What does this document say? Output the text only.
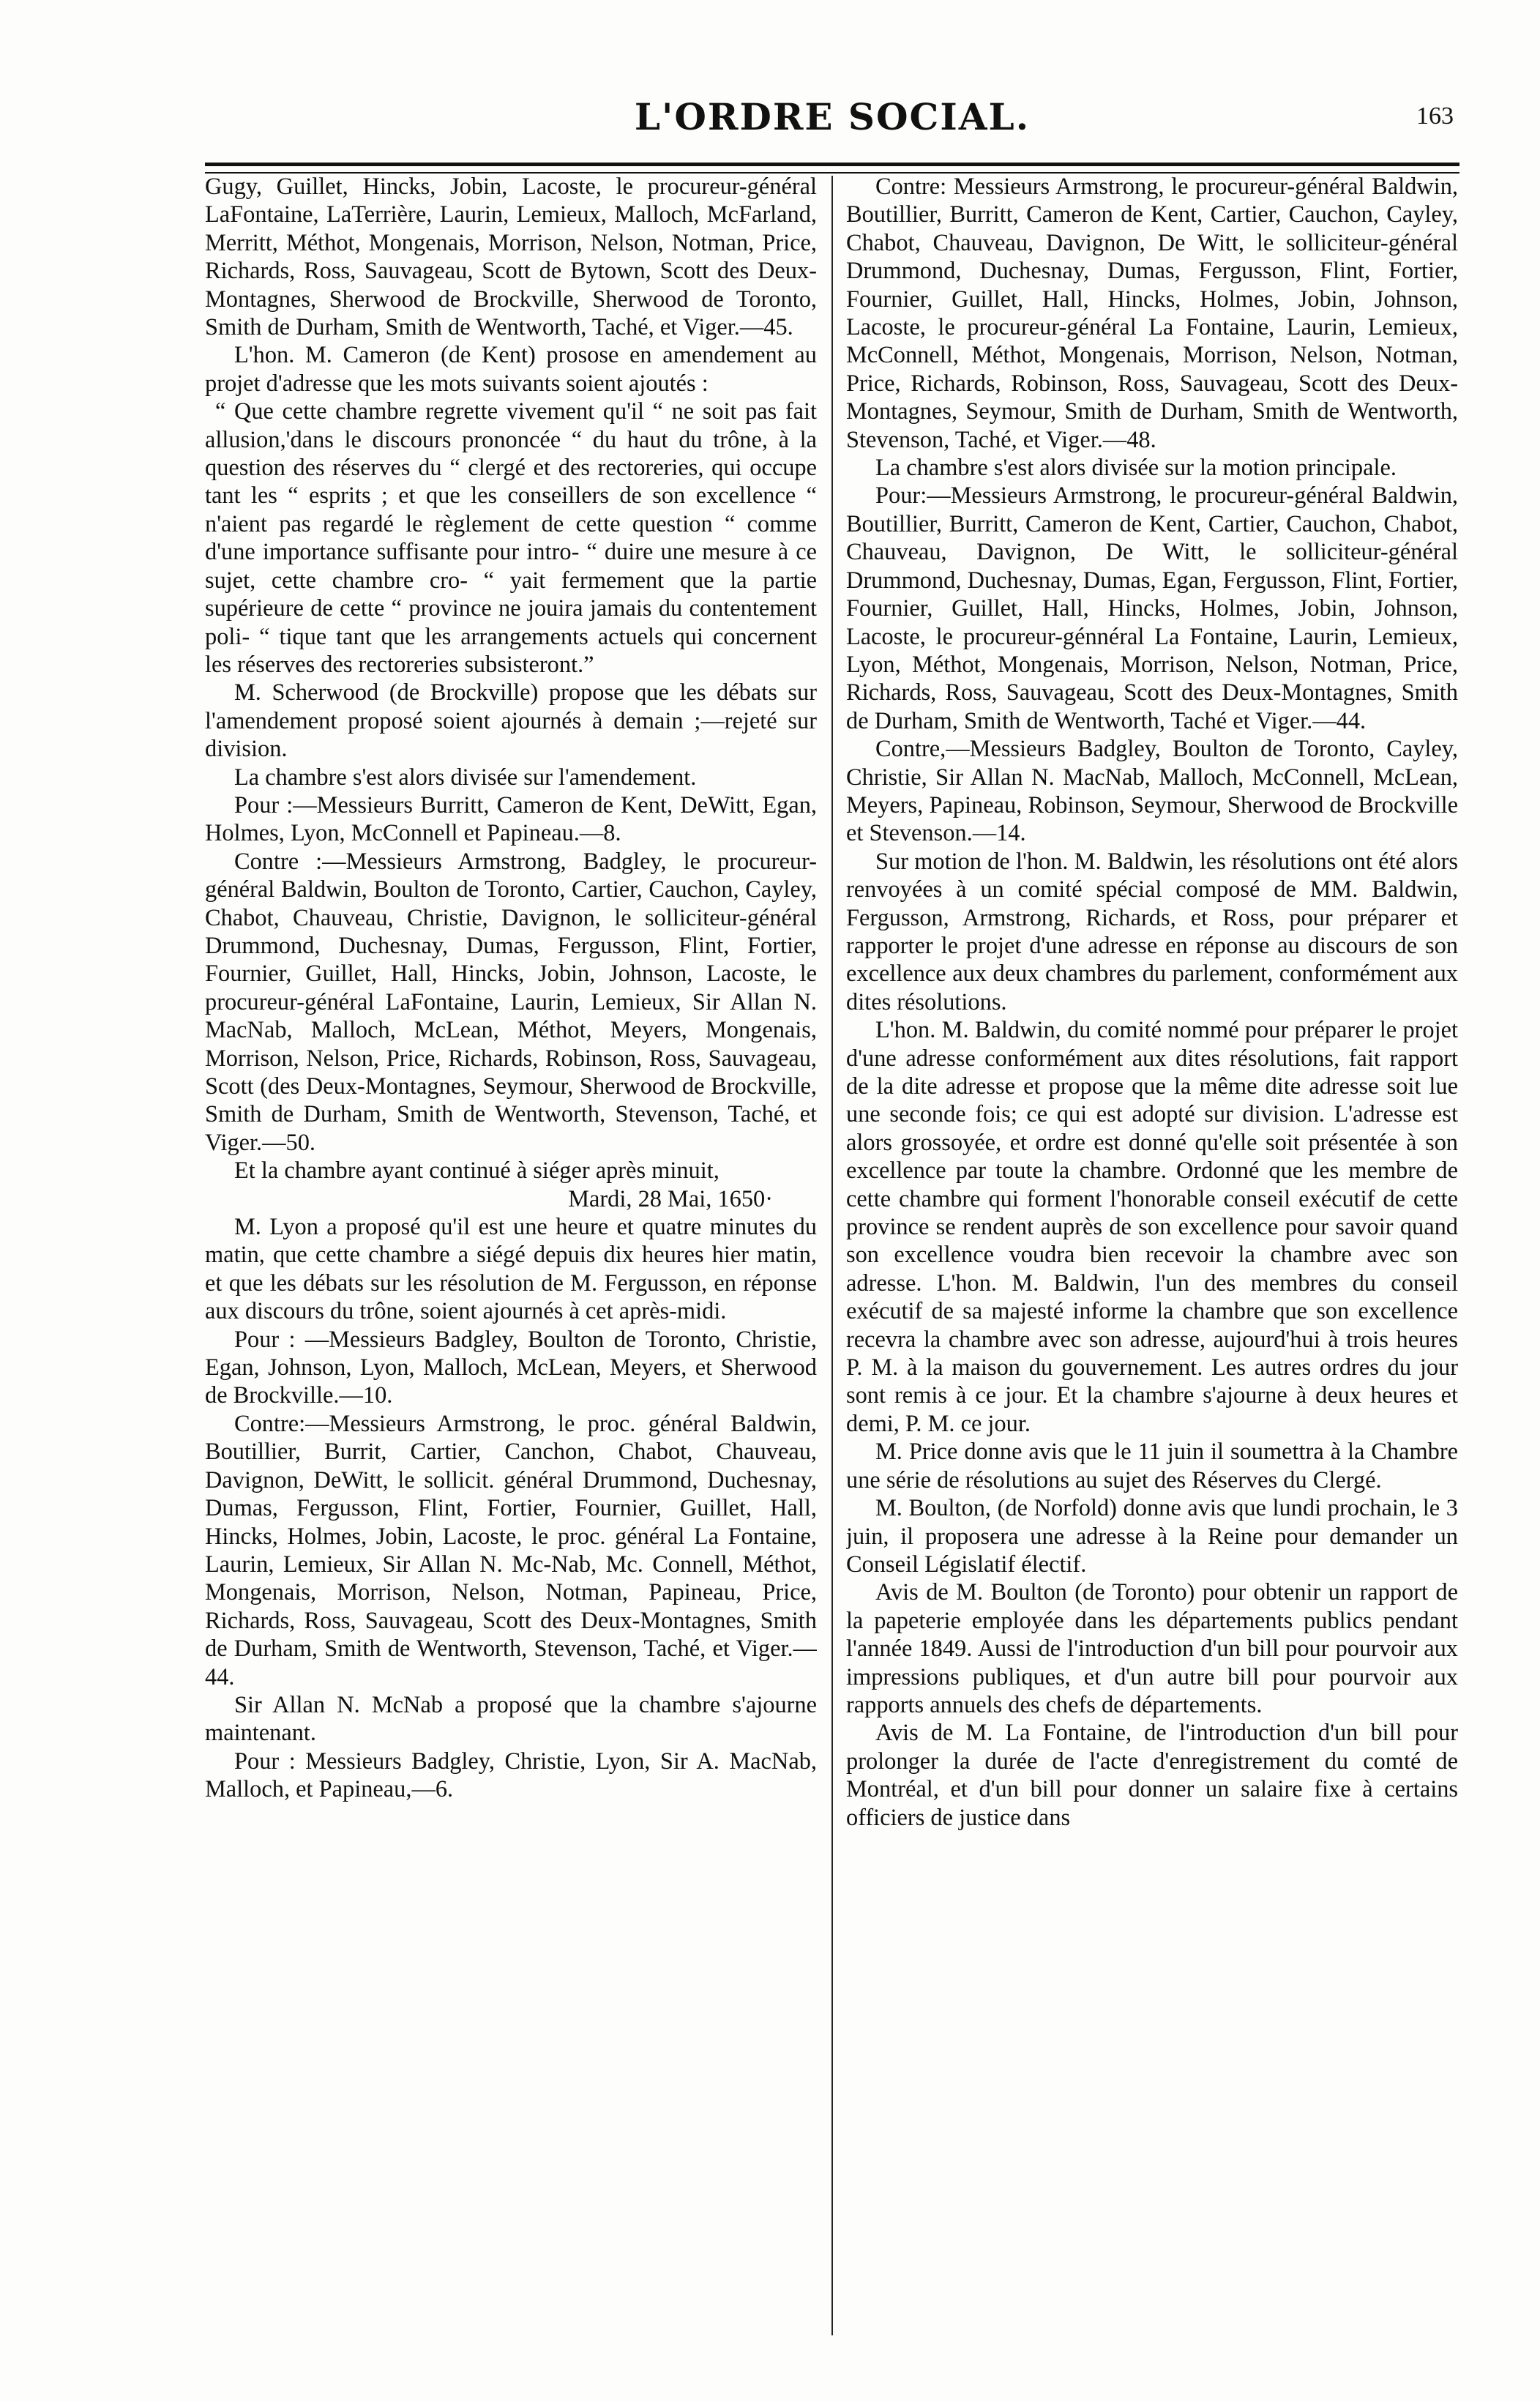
L'ORDRE SOCIAL.	163

Gugy, Guillet, Hincks, Jobin, Lacoste, le procureur-général LaFontaine, LaTerrière, Laurin, Lemieux, Malloch, McFarland, Merritt, Méthot, Mongenais, Morrison, Nelson, Notman, Price, Richards, Ross, Sauvageau, Scott de Bytown, Scott des Deux-Montagnes, Sherwood de Brockville, Sherwood de Toronto, Smith de Durham, Smith de Wentworth, Taché, et Viger.—45.

L'hon. M. Cameron (de Kent) prosose en amendement au projet d'adresse que les mots suivants soient ajoutés :

“ Que cette chambre regrette vivement qu'il “ ne soit pas fait allusion,'dans le discours prononcée “ du haut du trône, à la question des réserves du “ clergé et des rectoreries, qui occupe tant les “ esprits ; et que les conseillers de son excellence “ n'aient pas regardé le règlement de cette question “ comme d'une importance suffisante pour intro- “ duire une mesure à ce sujet, cette chambre cro- “ yait fermement que la partie supérieure de cette “ province ne jouira jamais du contentement poli- “ tique tant que les arrangements actuels qui concernent les réserves des rectoreries subsisteront.”

M. Scherwood (de Brockville) propose que les débats sur l'amendement proposé soient ajournés à demain ;—rejeté sur division.

La chambre s'est alors divisée sur l'amendement.

Pour :—Messieurs Burritt, Cameron de Kent, DeWitt, Egan, Holmes, Lyon, McConnell et Papineau.—8.

Contre :—Messieurs Armstrong, Badgley, le procureur-général Baldwin, Boulton de Toronto, Cartier, Cauchon, Cayley, Chabot, Chauveau, Christie, Davignon, le solliciteur-général Drummond, Duchesnay, Dumas, Fergusson, Flint, Fortier, Fournier, Guillet, Hall, Hincks, Jobin, Johnson, Lacoste, le procureur-général LaFontaine, Laurin, Lemieux, Sir Allan N. MacNab, Malloch, McLean, Méthot, Meyers, Mongenais, Morrison, Nelson, Price, Richards, Robinson, Ross, Sauvageau, Scott (des Deux-Montagnes, Seymour, Sherwood de Brockville, Smith de Durham, Smith de Wentworth, Stevenson, Taché, et Viger.—50.

Et la chambre ayant continué à siéger après minuit,

Mardi, 28 Mai, 1650·

M. Lyon a proposé qu'il est une heure et quatre minutes du matin, que cette chambre a siégé depuis dix heures hier matin, et que les débats sur les résolution de M. Fergusson, en réponse aux discours du trône, soient ajournés à cet après-midi.

Pour : —Messieurs Badgley, Boulton de Toronto, Christie, Egan, Johnson, Lyon, Malloch, McLean, Meyers, et Sherwood de Brockville.—10.

Contre:—Messieurs Armstrong, le proc. général Baldwin, Boutillier, Burrit, Cartier, Canchon, Chabot, Chauveau, Davignon, DeWitt, le sollicit. général Drummond, Duchesnay, Dumas, Fergusson, Flint, Fortier, Fournier, Guillet, Hall, Hincks, Holmes, Jobin, Lacoste, le proc. général La Fontaine, Laurin, Lemieux, Sir Allan N. Mc-Nab, Mc. Connell, Méthot, Mongenais, Morrison, Nelson, Notman, Papineau, Price, Richards, Ross, Sauvageau, Scott des Deux-Montagnes, Smith de Durham, Smith de Wentworth, Stevenson, Taché, et Viger.—44.

Sir Allan N. McNab a proposé que la chambre s'ajourne maintenant.

Pour : Messieurs Badgley, Christie, Lyon, Sir A. MacNab, Malloch, et Papineau,—6.

Contre: Messieurs Armstrong, le procureur-général Baldwin, Boutillier, Burritt, Cameron de Kent, Cartier, Cauchon, Cayley, Chabot, Chauveau, Davignon, De Witt, le solliciteur-général Drummond, Duchesnay, Dumas, Fergusson, Flint, Fortier, Fournier, Guillet, Hall, Hincks, Holmes, Jobin, Johnson, Lacoste, le procureur-général La Fontaine, Laurin, Lemieux, McConnell, Méthot, Mongenais, Morrison, Nelson, Notman, Price, Richards, Robinson, Ross, Sauvageau, Scott des Deux-Montagnes, Seymour, Smith de Durham, Smith de Wentworth, Stevenson, Taché, et Viger.—48.

La chambre s'est alors divisée sur la motion principale.

Pour:—Messieurs Armstrong, le procureur-général Baldwin, Boutillier, Burritt, Cameron de Kent, Cartier, Cauchon, Chabot, Chauveau, Davignon, De Witt, le solliciteur-général Drummond, Duchesnay, Dumas, Egan, Fergusson, Flint, Fortier, Fournier, Guillet, Hall, Hincks, Holmes, Jobin, Johnson, Lacoste, le procureur-génnéral La Fontaine, Laurin, Lemieux, Lyon, Méthot, Mongenais, Morrison, Nelson, Notman, Price, Richards, Ross, Sauvageau, Scott des Deux-Montagnes, Smith de Durham, Smith de Wentworth, Taché et Viger.—44.

Contre,—Messieurs Badgley, Boulton de Toronto, Cayley, Christie, Sir Allan N. MacNab, Malloch, McConnell, McLean, Meyers, Papineau, Robinson, Seymour, Sherwood de Brockville et Stevenson.—14.

Sur motion de l'hon. M. Baldwin, les résolutions ont été alors renvoyées à un comité spécial composé de MM. Baldwin, Fergusson, Armstrong, Richards, et Ross, pour préparer et rapporter le projet d'une adresse en réponse au discours de son excellence aux deux chambres du parlement, conformément aux dites résolutions.

L'hon. M. Baldwin, du comité nommé pour préparer le projet d'une adresse conformément aux dites résolutions, fait rapport de la dite adresse et propose que la même dite adresse soit lue une seconde fois; ce qui est adopté sur division. L'adresse est alors grossoyée, et ordre est donné qu'elle soit présentée à son excellence par toute la chambre. Ordonné que les membre de cette chambre qui forment l'honorable conseil exécutif de cette province se rendent auprès de son excellence pour savoir quand son excellence voudra bien recevoir la chambre avec son adresse. L'hon. M. Baldwin, l'un des membres du conseil exécutif de sa majesté informe la chambre que son excellence recevra la chambre avec son adresse, aujourd'hui à trois heures P. M. à la maison du gouvernement. Les autres ordres du jour sont remis à ce jour. Et la chambre s'ajourne à deux heures et demi, P. M. ce jour.

M. Price donne avis que le 11 juin il soumettra à la Chambre une série de résolutions au sujet des Réserves du Clergé.

M. Boulton, (de Norfold) donne avis que lundi prochain, le 3 juin, il proposera une adresse à la Reine pour demander un Conseil Législatif électif.

Avis de M. Boulton (de Toronto) pour obtenir un rapport de la papeterie employée dans les départements publics pendant l'année 1849. Aussi de l'introduction d'un bill pour pourvoir aux impressions publiques, et d'un autre bill pour pourvoir aux rapports annuels des chefs de départements.

Avis de M. La Fontaine, de l'introduction d'un bill pour prolonger la durée de l'acte d'enregistrement du comté de Montréal, et d'un bill pour donner un salaire fixe à certains officiers de justice dans
